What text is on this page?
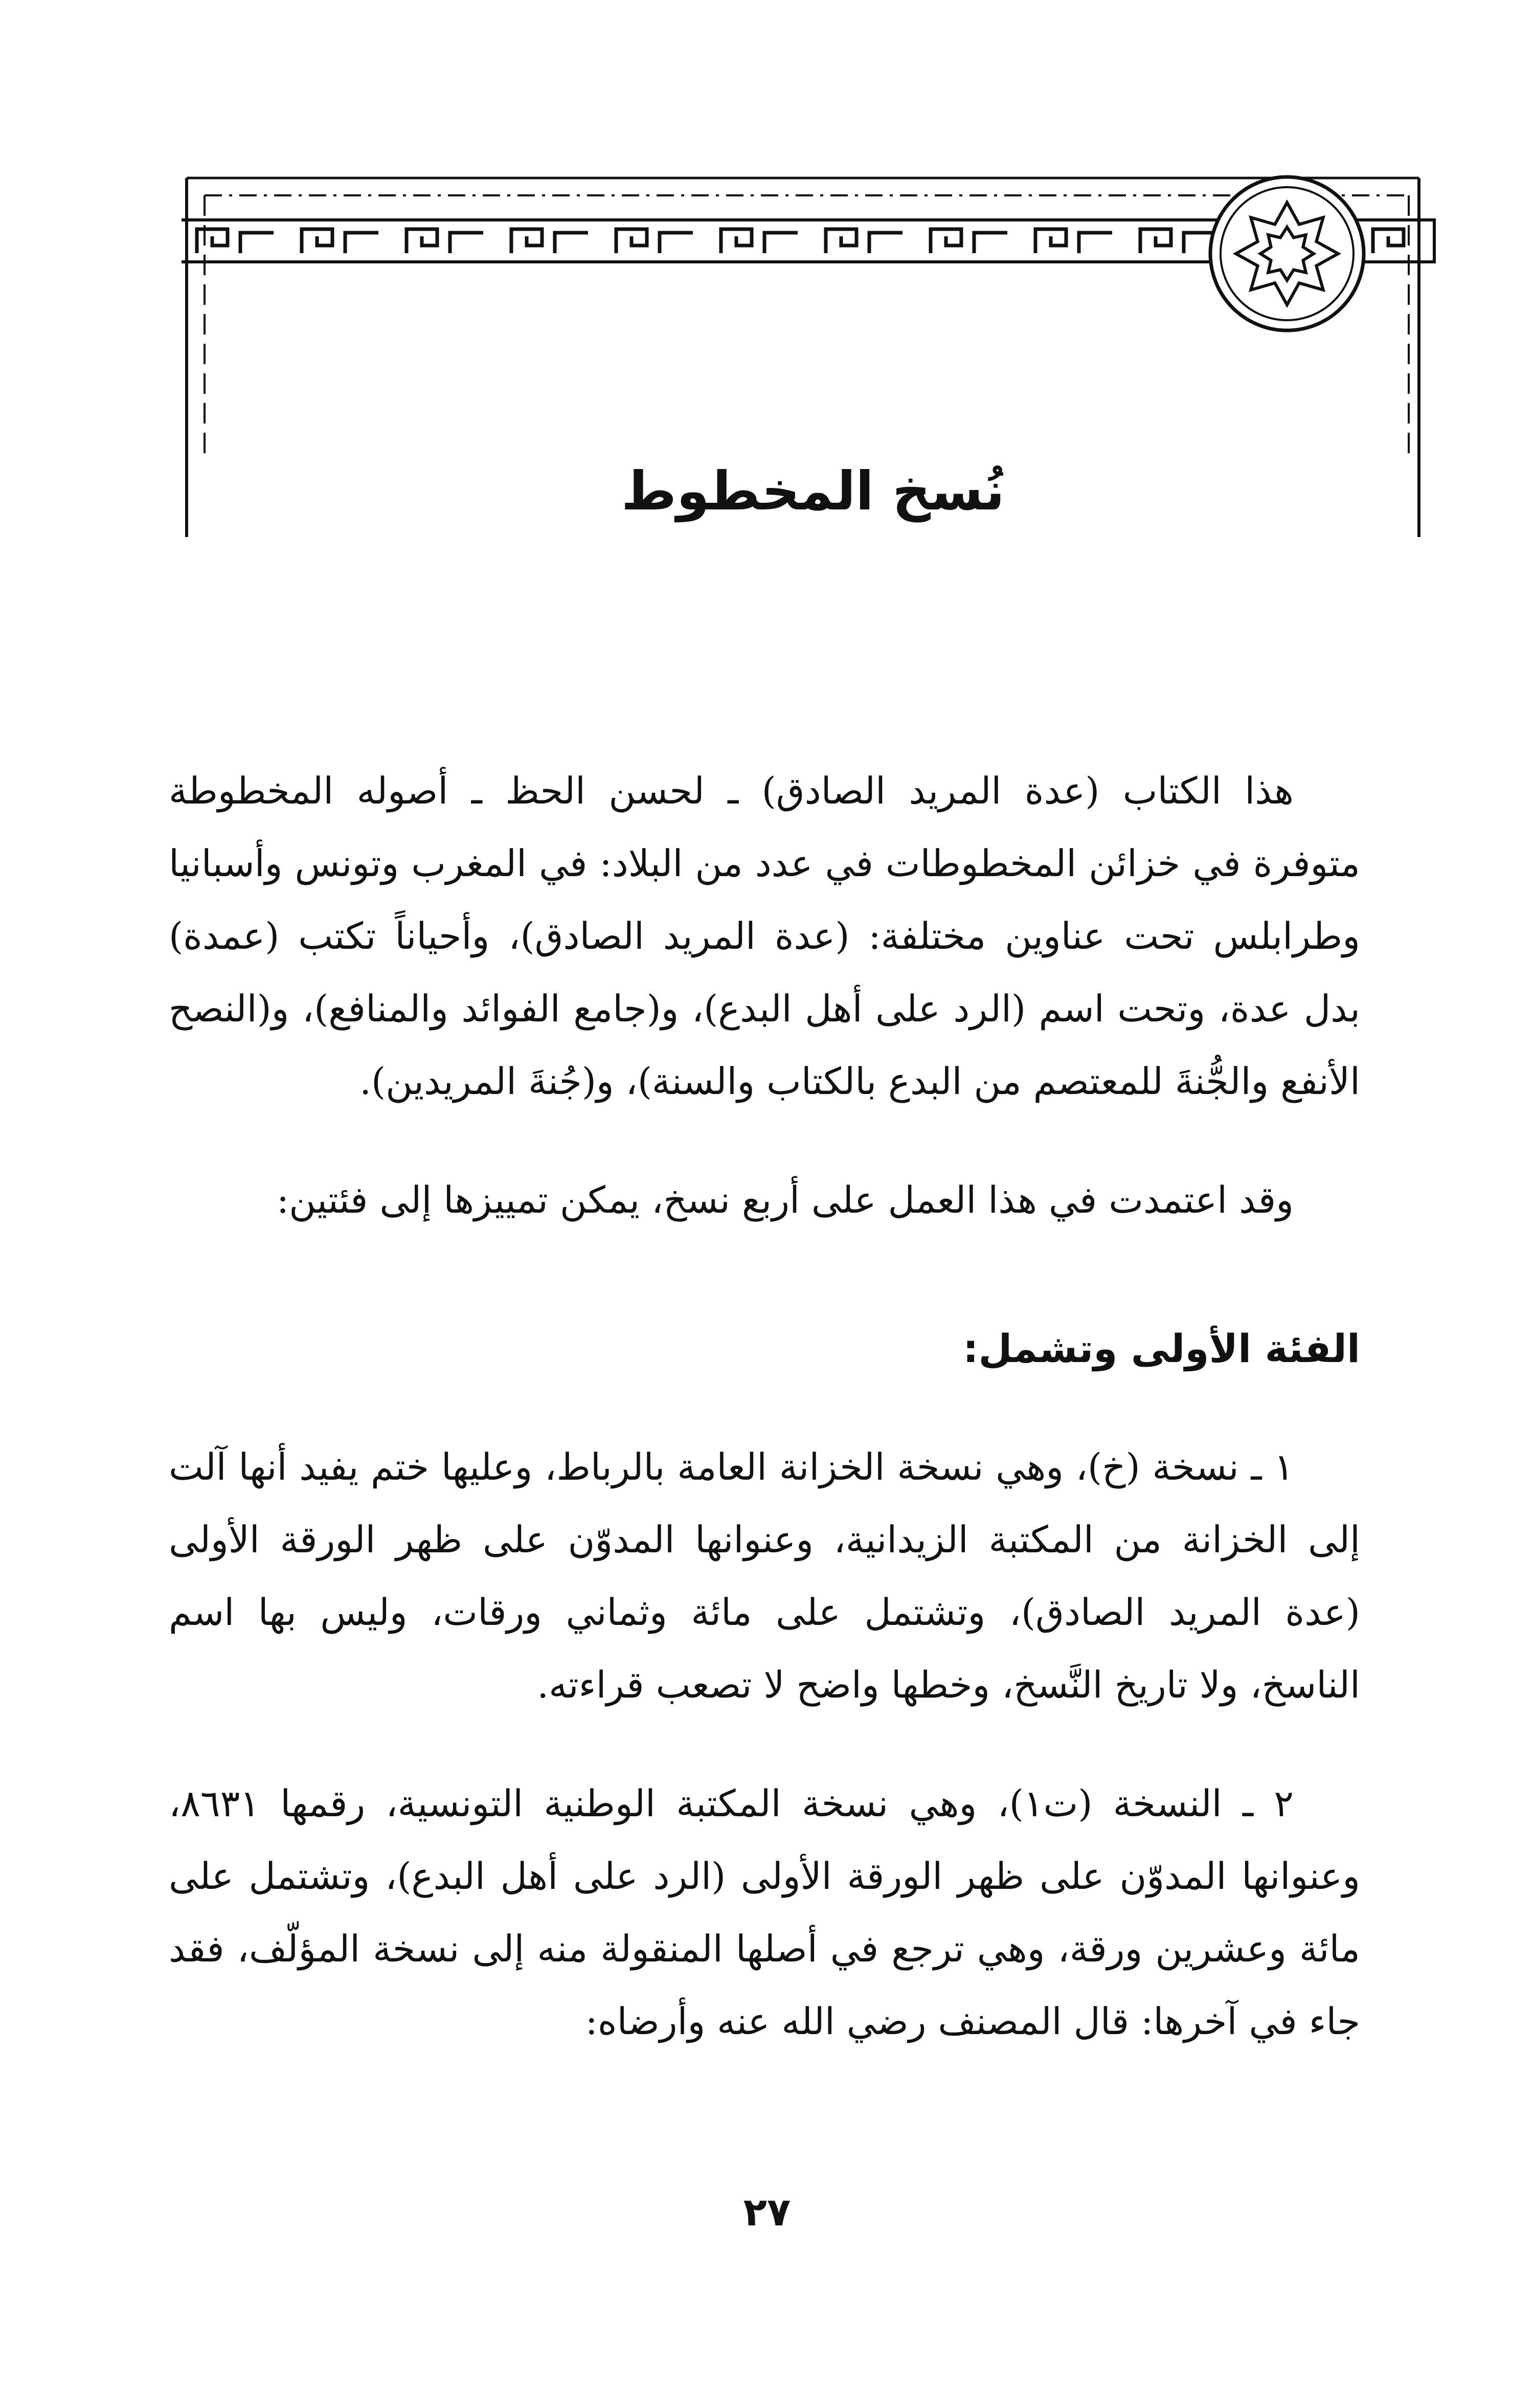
نُسخ المخطوط

هذا الكتاب (عدة المريد الصادق) ـ لحسن الحظ ـ أصوله المخطوطة متوفرة في خزائن المخطوطات في عدد من البلاد: في المغرب وتونس وأسبانيا وطرابلس تحت عناوين مختلفة: (عدة المريد الصادق)، وأحياناً تكتب (عمدة) بدل عدة، وتحت اسم (الرد على أهل البدع)، و(جامع الفوائد والمنافع)، و(النصح الأنفع والجُّنةَ للمعتصم من البدع بالكتاب والسنة)، و(جُنةَ المريدين).

وقد اعتمدت في هذا العمل على أربع نسخ، يمكن تمييزها إلى فئتين:

الفئة الأولى وتشمل:

١ ـ نسخة (خ)، وهي نسخة الخزانة العامة بالرباط، وعليها ختم يفيد أنها آلت إلى الخزانة من المكتبة الزيدانية، وعنوانها المدوّن على ظهر الورقة الأولى (عدة المريد الصادق)، وتشتمل على مائة وثماني ورقات، وليس بها اسم الناسخ، ولا تاريخ النَّسخ، وخطها واضح لا تصعب قراءته.

٢ ـ النسخة (ت١)، وهي نسخة المكتبة الوطنية التونسية، رقمها ٨٦٣١، وعنوانها المدوّن على ظهر الورقة الأولى (الرد على أهل البدع)، وتشتمل على مائة وعشرين ورقة، وهي ترجع في أصلها المنقولة منه إلى نسخة المؤلّف، فقد جاء في آخرها: قال المصنف رضي الله عنه وأرضاه:

٢٧
